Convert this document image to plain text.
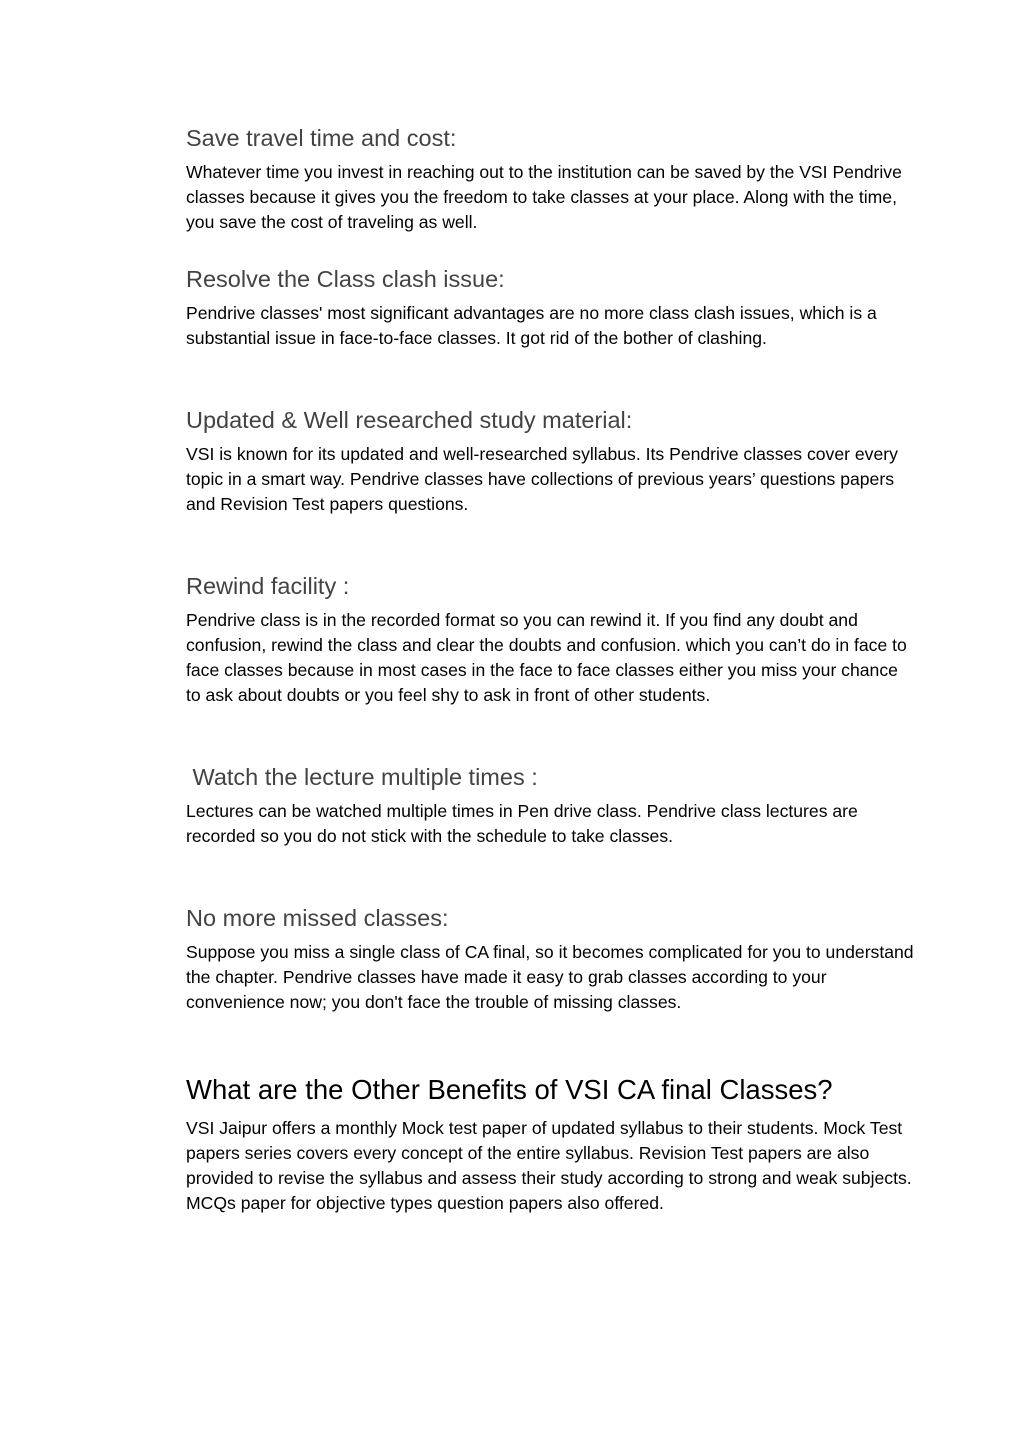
Save travel time and cost:

Whatever time you invest in reaching out to the institution can be saved by the VSI Pendrive classes because it gives you the freedom to take classes at your place. Along with the time, you save the cost of traveling as well.

Resolve the Class clash issue:

Pendrive classes' most significant advantages are no more class clash issues, which is a substantial issue in face-to-face classes. It got rid of the bother of clashing.

Updated & Well researched study material:

VSI is known for its updated and well-researched syllabus. Its Pendrive classes cover every topic in a smart way. Pendrive classes have collections of previous years’ questions papers and Revision Test papers questions.

Rewind facility :

Pendrive class is in the recorded format so you can rewind it. If you find any doubt and confusion, rewind the class and clear the doubts and confusion. which you can’t do in face to face classes because in most cases in the face to face classes either you miss your chance to ask about doubts or you feel shy to ask in front of other students.

Watch the lecture multiple times :

Lectures can be watched multiple times in Pen drive class. Pendrive class lectures are recorded so you do not stick with the schedule to take classes.

No more missed classes:

Suppose you miss a single class of CA final, so it becomes complicated for you to understand the chapter. Pendrive classes have made it easy to grab classes according to your convenience now; you don't face the trouble of missing classes.

What are the Other Benefits of VSI CA final Classes?

VSI Jaipur offers a monthly Mock test paper of updated syllabus to their students. Mock Test papers series covers every concept of the entire syllabus. Revision Test papers are also provided to revise the syllabus and assess their study according to strong and weak subjects. MCQs paper for objective types question papers also offered.
